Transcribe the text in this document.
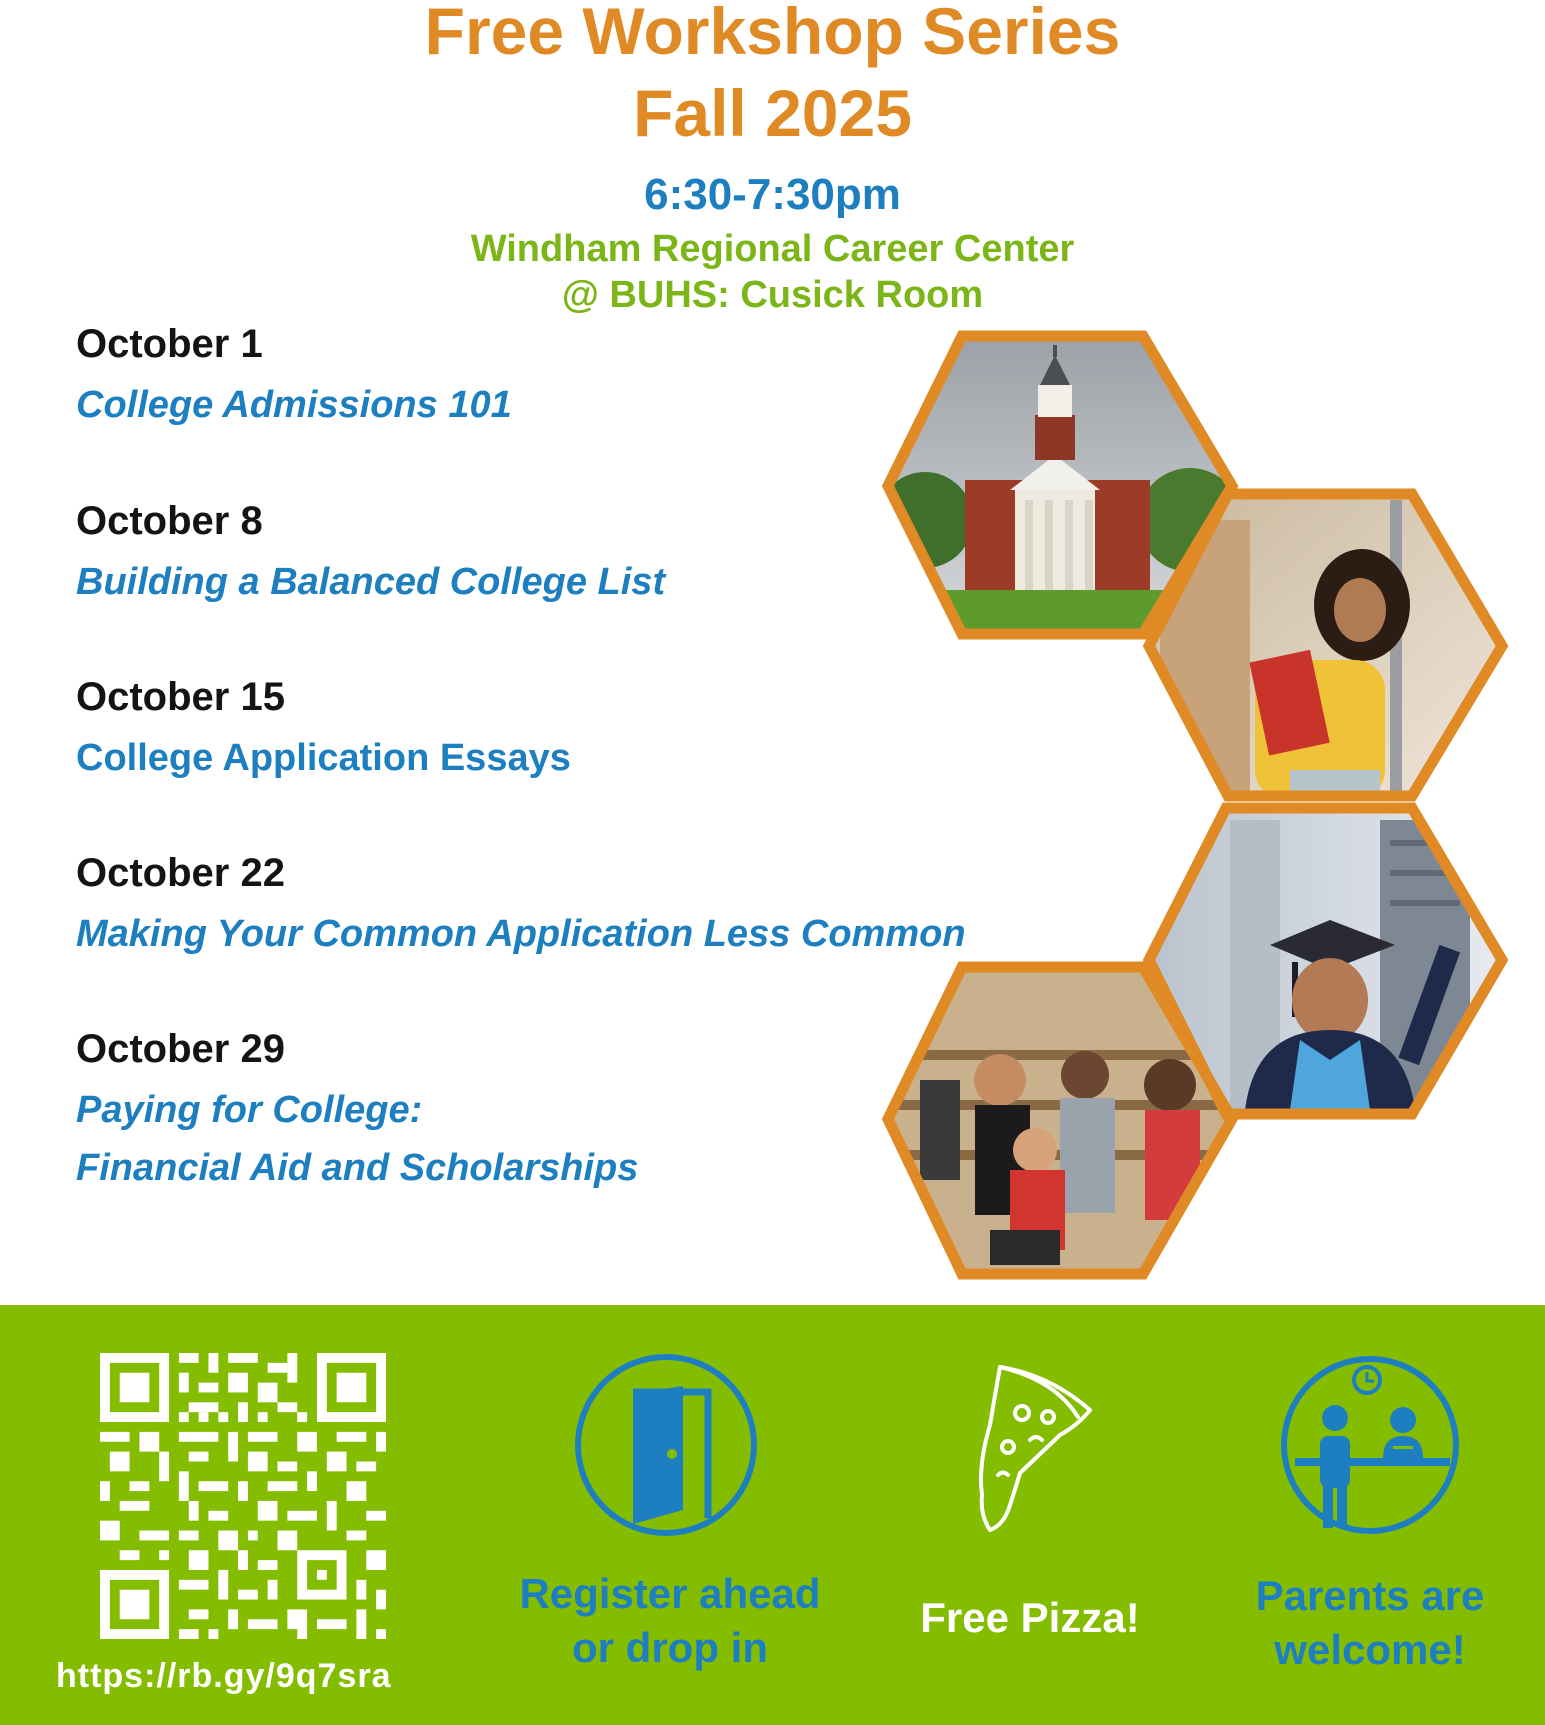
Free Workshop Series
Fall 2025
6:30-7:30pm
Windham Regional Career Center
@ BUHS: Cusick Room
October 1
College Admissions 101
October 8
Building a Balanced College List
October 15
College Application Essays
October 22
Making Your Common Application Less Common
October 29
Paying for College:
Financial Aid and Scholarships
https://rb.gy/9q7sra
Register ahead
or drop in
Free Pizza!	Parents are
welcome!
